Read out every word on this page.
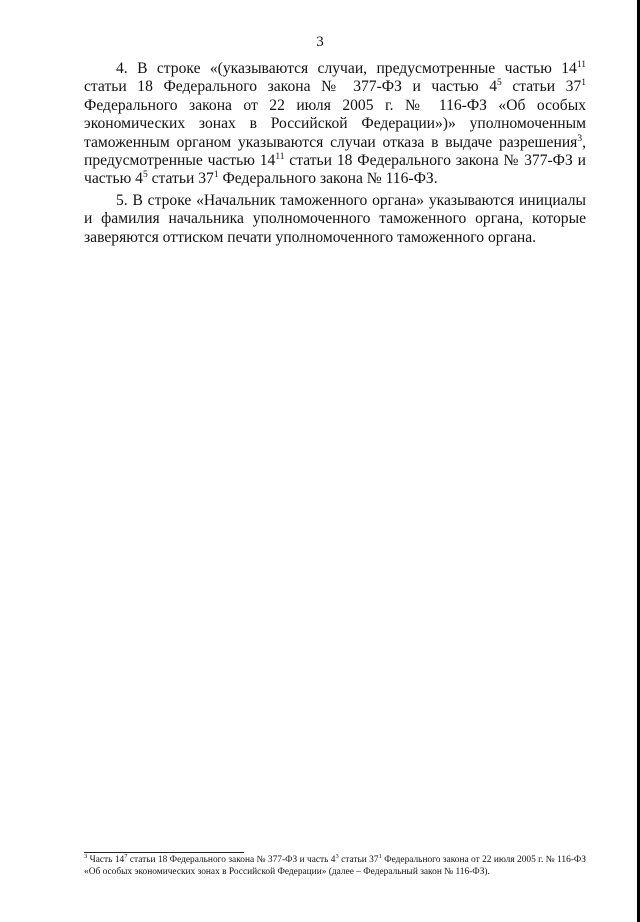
3

4. В строке «(указываются случаи, предусмотренные частью $14^{11}$ статьи 18 Федерального закона № 377-ФЗ и частью $4^5$ статьи $37^1$ Федерального закона от 22 июля 2005 г. № 116-ФЗ «Об особых экономических зонах в Российской Федерации»)» уполномоченным таможенным органом указываются случаи отказа в выдаче разрешения$^3$, предусмотренные частью $14^{11}$ статьи 18 Федерального закона № 377-ФЗ и частью $4^5$ статьи $37^1$ Федерального закона № 116-ФЗ.

5. В строке «Начальник таможенного органа» указываются инициалы и фамилия начальника уполномоченного таможенного органа, которые заверяются оттиском печати уполномоченного таможенного органа.

$^3$ Часть $14^7$ статьи 18 Федерального закона № 377-ФЗ и часть $4^3$ статьи $37^1$ Федерального закона от 22 июля 2005 г. № 116-ФЗ «Об особых экономических зонах в Российской Федерации» (далее – Федеральный закон № 116-ФЗ).
